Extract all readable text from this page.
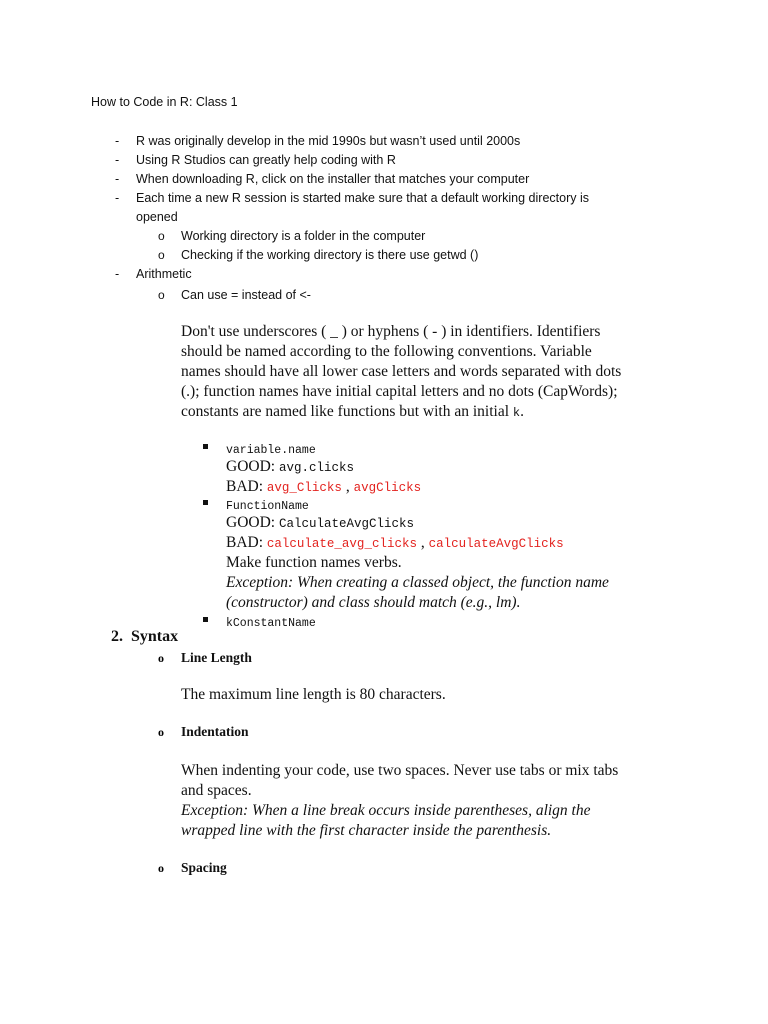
How to Code in R: Class 1
- R was originally develop in the mid 1990s but wasn’t used until 2000s
- Using R Studios can greatly help coding with R
- When downloading R, click on the installer that matches your computer
- Each time a new R session is started make sure that a default working directory is
opened
o Working directory is a folder in the computer
o Checking if the working directory is there use getwd ()
- Arithmetic
o Can use = instead of <-
Don't use underscores ( _ ) or hyphens ( - ) in identifiers. Identifiers
should be named according to the following conventions. Variable
names should have all lower case letters and words separated with dots
(.); function names have initial capital letters and no dots (CapWords);
constants are named like functions but with an initial k.
variable.name
GOOD: avg.clicks
BAD: avg_Clicks , avgClicks
FunctionName
GOOD: CalculateAvgClicks
BAD: calculate_avg_clicks , calculateAvgClicks
Make function names verbs.
Exception: When creating a classed object, the function name
(constructor) and class should match (e.g., lm).
kConstantName
2. Syntax
o Line Length
The maximum line length is 80 characters.
o Indentation
When indenting your code, use two spaces. Never use tabs or mix tabs
and spaces.
Exception: When a line break occurs inside parentheses, align the
wrapped line with the first character inside the parenthesis.
o Spacing
